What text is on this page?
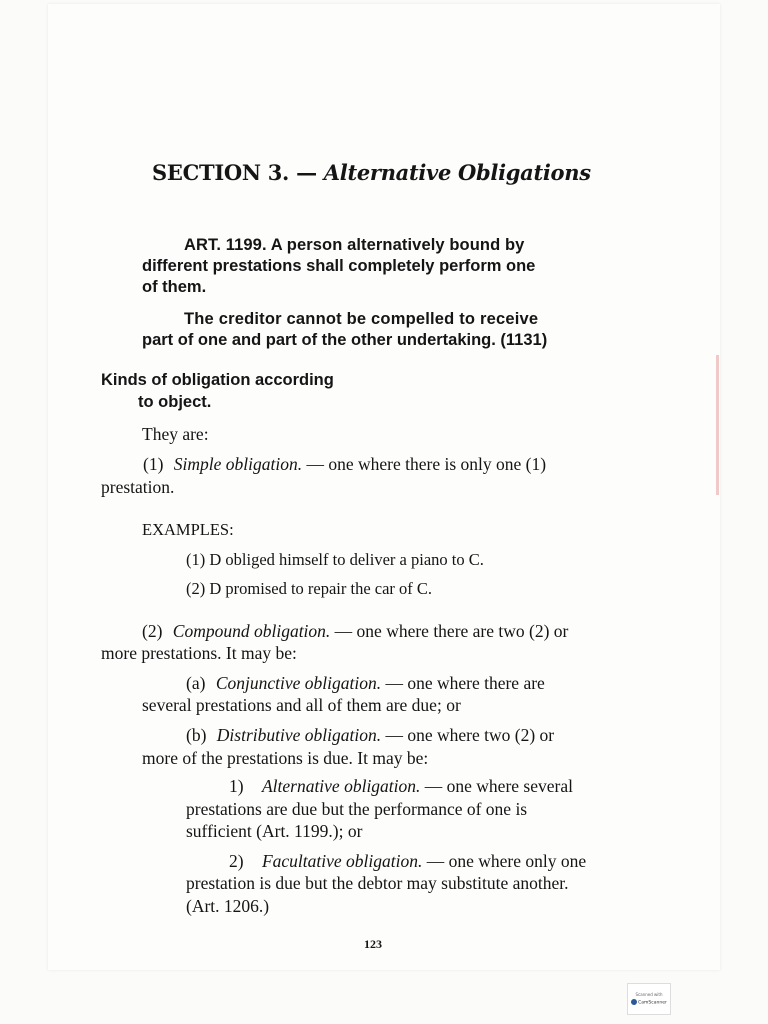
SECTION 3. — Alternative Obligations
ART. 1199. A person alternatively bound by
different prestations shall completely perform one
of them.
The creditor cannot be compelled to receive
part of one and part of the other undertaking. (1131)
Kinds of obligation according
to object.
They are:
(1) Simple obligation. — one where there is only one (1)
prestation.
EXAMPLES:
(1) D obliged himself to deliver a piano to C.
(2) D promised to repair the car of C.
(2) Compound obligation. — one where there are two (2) or
more prestations. It may be:
(a) Conjunctive obligation. — one where there are
several prestations and all of them are due; or
(b) Distributive obligation. — one where two (2) or
more of the prestations is due. It may be:
1) Alternative obligation. — one where several
prestations are due but the performance of one is
sufficient (Art. 1199.); or
2) Facultative obligation. — one where only one
prestation is due but the debtor may substitute another.
(Art. 1206.)
123
Scanned with
CamScanner
